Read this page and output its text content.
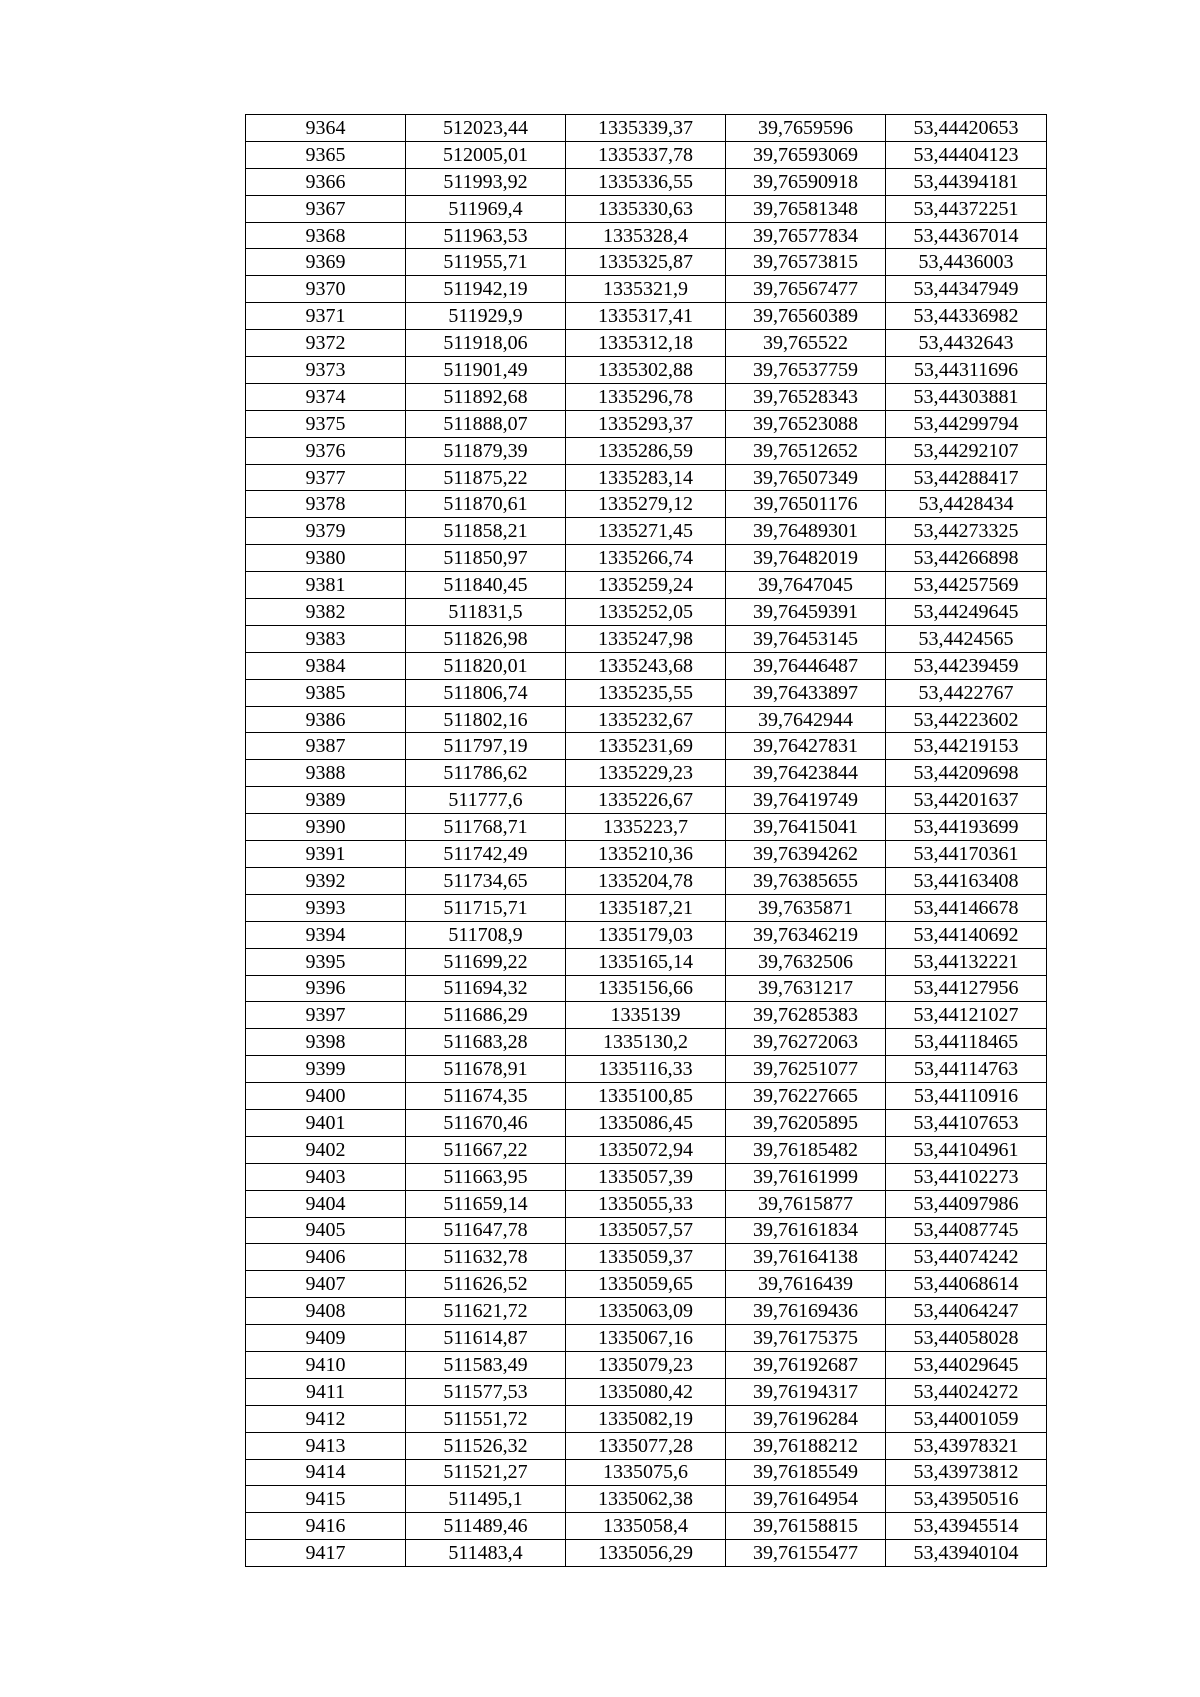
9364	512023,44	1335339,37	39,7659596	53,44420653
9365	512005,01	1335337,78	39,76593069	53,44404123
9366	511993,92	1335336,55	39,76590918	53,44394181
9367	511969,4	1335330,63	39,76581348	53,44372251
9368	511963,53	1335328,4	39,76577834	53,44367014
9369	511955,71	1335325,87	39,76573815	53,4436003
9370	511942,19	1335321,9	39,76567477	53,44347949
9371	511929,9	1335317,41	39,76560389	53,44336982
9372	511918,06	1335312,18	39,765522	53,4432643
9373	511901,49	1335302,88	39,76537759	53,44311696
9374	511892,68	1335296,78	39,76528343	53,44303881
9375	511888,07	1335293,37	39,76523088	53,44299794
9376	511879,39	1335286,59	39,76512652	53,44292107
9377	511875,22	1335283,14	39,76507349	53,44288417
9378	511870,61	1335279,12	39,76501176	53,4428434
9379	511858,21	1335271,45	39,76489301	53,44273325
9380	511850,97	1335266,74	39,76482019	53,44266898
9381	511840,45	1335259,24	39,7647045	53,44257569
9382	511831,5	1335252,05	39,76459391	53,44249645
9383	511826,98	1335247,98	39,76453145	53,4424565
9384	511820,01	1335243,68	39,76446487	53,44239459
9385	511806,74	1335235,55	39,76433897	53,4422767
9386	511802,16	1335232,67	39,7642944	53,44223602
9387	511797,19	1335231,69	39,76427831	53,44219153
9388	511786,62	1335229,23	39,76423844	53,44209698
9389	511777,6	1335226,67	39,76419749	53,44201637
9390	511768,71	1335223,7	39,76415041	53,44193699
9391	511742,49	1335210,36	39,76394262	53,44170361
9392	511734,65	1335204,78	39,76385655	53,44163408
9393	511715,71	1335187,21	39,7635871	53,44146678
9394	511708,9	1335179,03	39,76346219	53,44140692
9395	511699,22	1335165,14	39,7632506	53,44132221
9396	511694,32	1335156,66	39,7631217	53,44127956
9397	511686,29	1335139	39,76285383	53,44121027
9398	511683,28	1335130,2	39,76272063	53,44118465
9399	511678,91	1335116,33	39,76251077	53,44114763
9400	511674,35	1335100,85	39,76227665	53,44110916
9401	511670,46	1335086,45	39,76205895	53,44107653
9402	511667,22	1335072,94	39,76185482	53,44104961
9403	511663,95	1335057,39	39,76161999	53,44102273
9404	511659,14	1335055,33	39,7615877	53,44097986
9405	511647,78	1335057,57	39,76161834	53,44087745
9406	511632,78	1335059,37	39,76164138	53,44074242
9407	511626,52	1335059,65	39,7616439	53,44068614
9408	511621,72	1335063,09	39,76169436	53,44064247
9409	511614,87	1335067,16	39,76175375	53,44058028
9410	511583,49	1335079,23	39,76192687	53,44029645
9411	511577,53	1335080,42	39,76194317	53,44024272
9412	511551,72	1335082,19	39,76196284	53,44001059
9413	511526,32	1335077,28	39,76188212	53,43978321
9414	511521,27	1335075,6	39,76185549	53,43973812
9415	511495,1	1335062,38	39,76164954	53,43950516
9416	511489,46	1335058,4	39,76158815	53,43945514
9417	511483,4	1335056,29	39,76155477	53,43940104
